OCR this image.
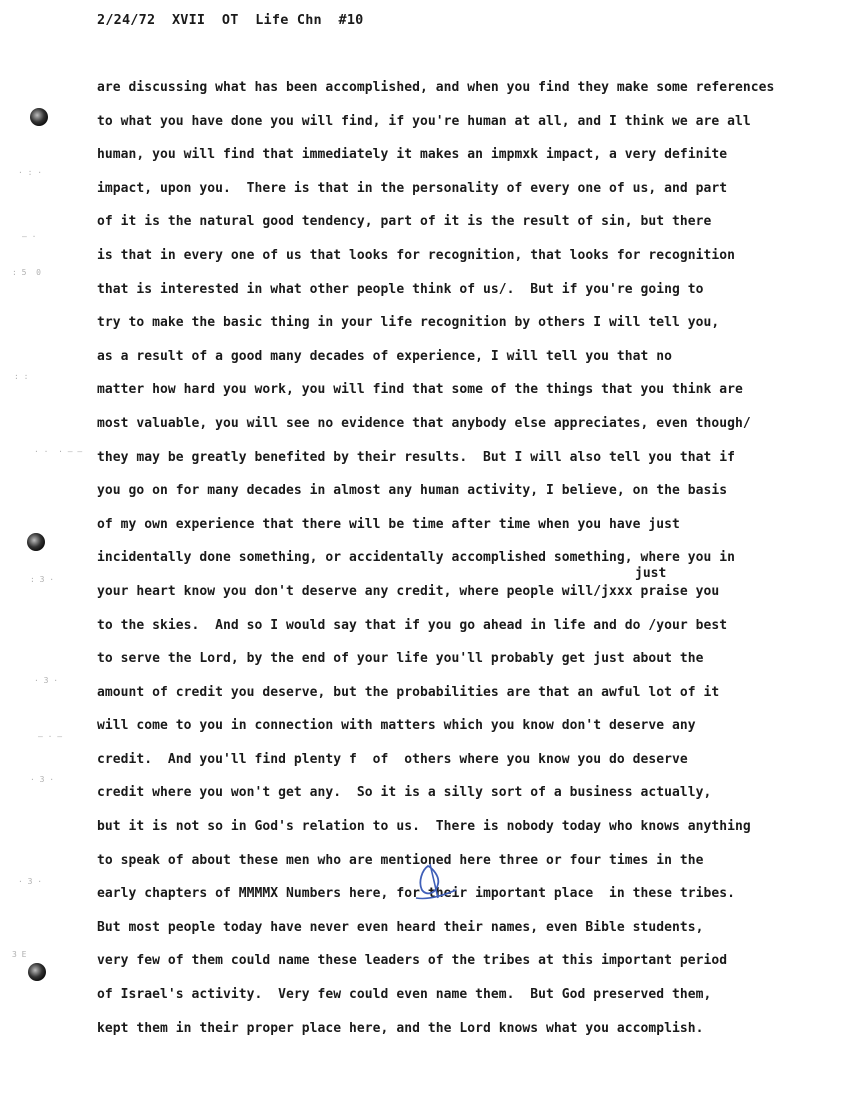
2/24/72  XVII  OT  Life Chn  #10
· : ·
– ·
: 5  0
: :
· ·  · – –
: 3 ·
· 3 ·
– · –
· 3 ·
· 3 ·
3 E
are discussing what has been accomplished, and when you find they make some references
to what you have done you will find, if you're human at all, and I think we are all
human, you will find that immediately it makes an impmxk impact, a very definite
impact, upon you.  There is that in the personality of every one of us, and part
of it is the natural good tendency, part of it is the result of sin, but there
is that in every one of us that looks for recognition, that looks for recognition
that is interested in what other people think of us/.  But if you're going to
try to make the basic thing in your life recognition by others I will tell you,
as a result of a good many decades of experience, I will tell you that no
matter how hard you work, you will find that some of the things that you think are
most valuable, you will see no evidence that anybody else appreciates, even though/
they may be greatly benefited by their results.  But I will also tell you that if
you go on for many decades in almost any human activity, I believe, on the basis
of my own experience that there will be time after time when you have just
incidentally done something, or accidentally accomplished something, where you in
your heart know you don't deserve any credit, where people will/jxxx praise you
to the skies.  And so I would say that if you go ahead in life and do /your best
to serve the Lord, by the end of your life you'll probably get just about the
amount of credit you deserve, but the probabilities are that an awful lot of it
will come to you in connection with matters which you know don't deserve any
credit.  And you'll find plenty f  of  others where you know you do deserve
credit where you won't get any.  So it is a silly sort of a business actually,
but it is not so in God's relation to us.  There is nobody today who knows anything
to speak of about these men who are mentioned here three or four times in the
early chapters of MMMMX Numbers here, for their important place  in these tribes.
But most people today have never even heard their names, even Bible students,
very few of them could name these leaders of the tribes at this important period
of Israel's activity.  Very few could even name them.  But God preserved them,
kept them in their proper place here, and the Lord knows what you accomplish.
just
